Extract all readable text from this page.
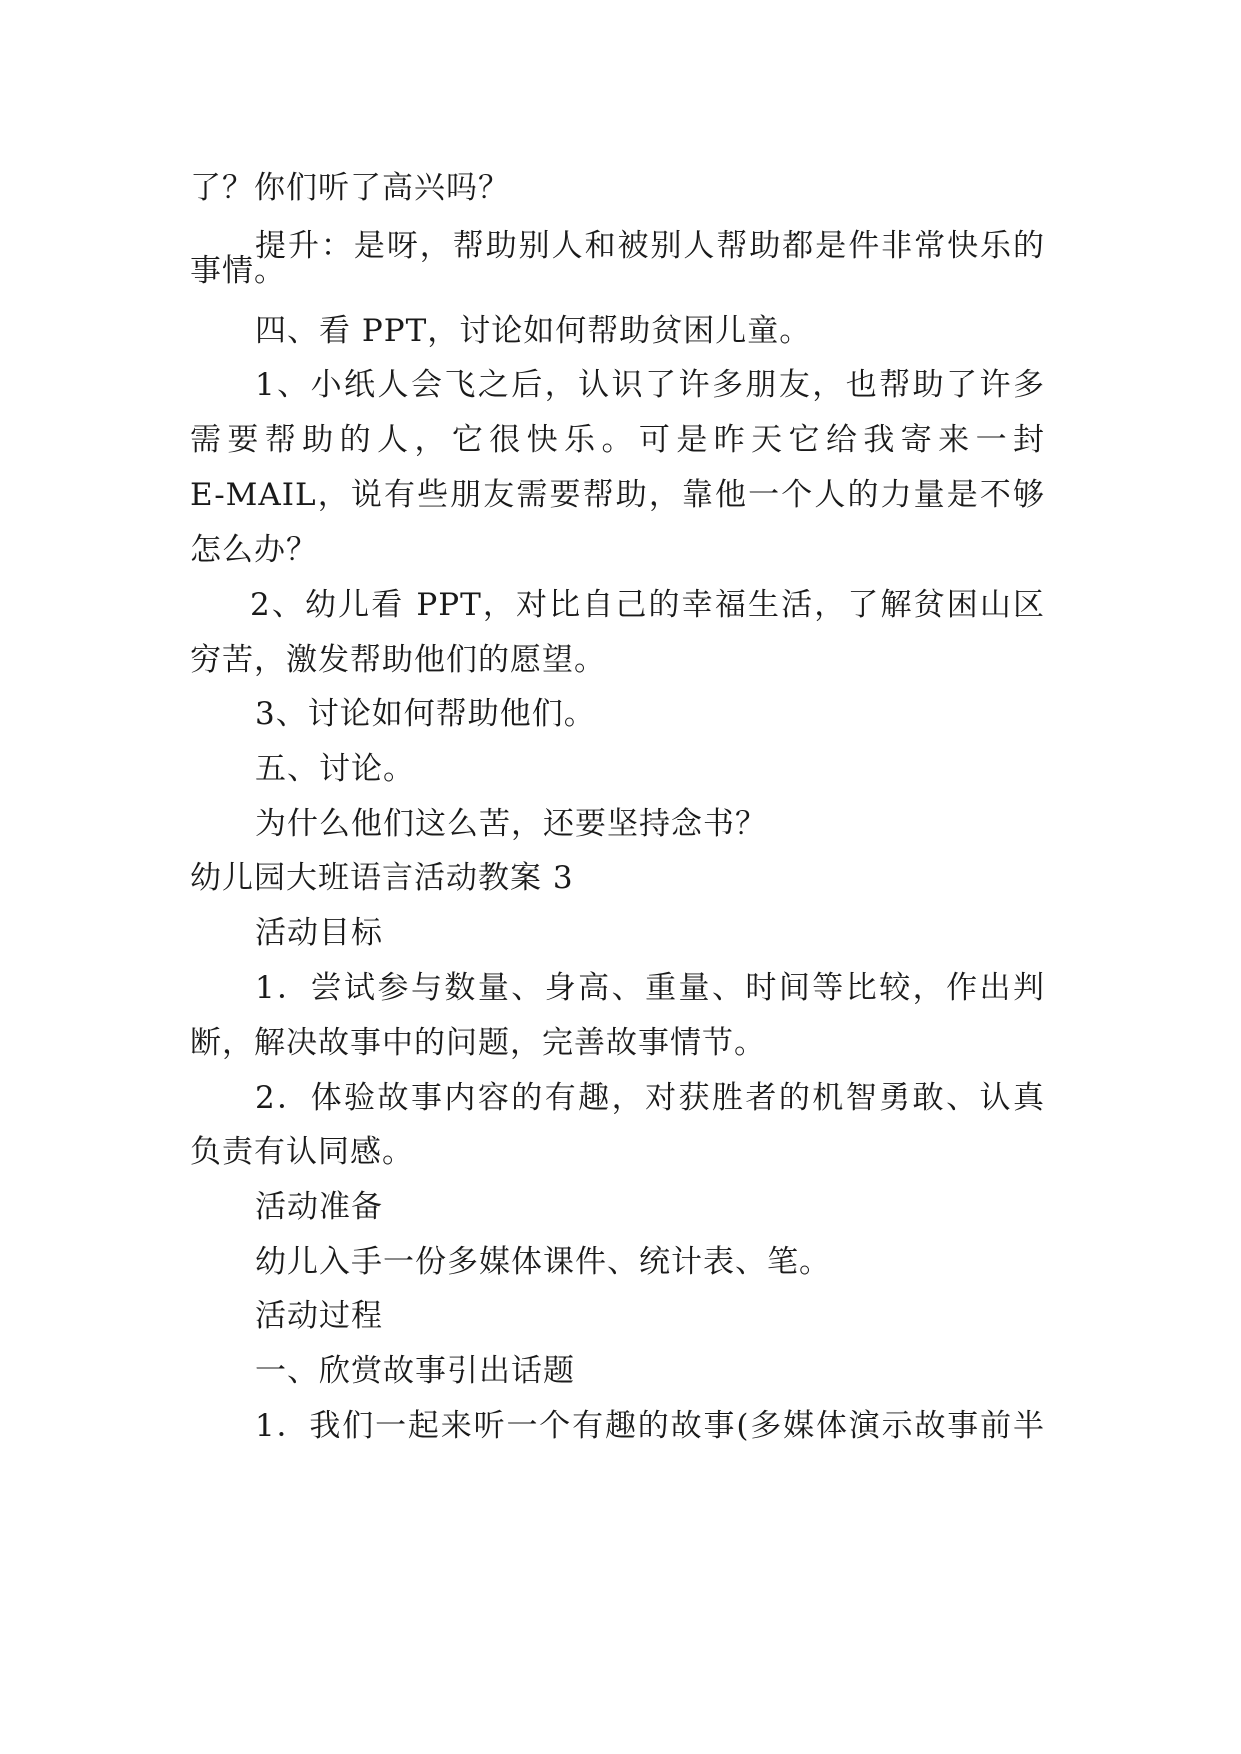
了？你们听了高兴吗？
提升：是呀，帮助别人和被别人帮助都是件非常快乐的
事情。
四、看 PPT，讨论如何帮助贫困儿童。
1、小纸人会飞之后，认识了许多朋友，也帮助了许多
需要帮助的人，它很快乐。可是昨天它给我寄来一封
E-MAIL，说有些朋友需要帮助，靠他一个人的力量是不够
怎么办？
2、幼儿看 PPT，对比自己的幸福生活，了解贫困山区
穷苦，激发帮助他们的愿望。
3、讨论如何帮助他们。
五、讨论。
为什么他们这么苦，还要坚持念书？
幼儿园大班语言活动教案 3
活动目标
1．尝试参与数量、身高、重量、时间等比较，作出判
断，解决故事中的问题，完善故事情节。
2．体验故事内容的有趣，对获胜者的机智勇敢、认真
负责有认同感。
活动准备
幼儿入手一份多媒体课件、统计表、笔。
活动过程
一、欣赏故事引出话题
1．我们一起来听一个有趣的故事(多媒体演示故事前半
